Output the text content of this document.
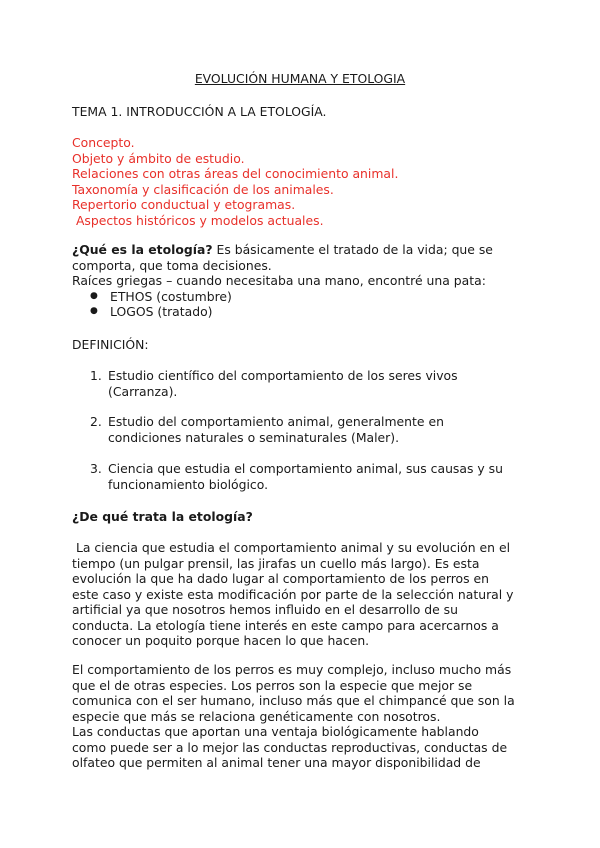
EVOLUCIÓN HUMANA Y ETOLOGIA

TEMA 1. INTRODUCCIÓN A LA ETOLOGÍA.

Concepto.
Objeto y ámbito de estudio.
Relaciones con otras áreas del conocimiento animal.
Taxonomía y clasificación de los animales.
Repertorio conductual y etogramas.
Aspectos históricos y modelos actuales.
¿Qué es la etología? Es básicamente el tratado de la vida; que se
comporta, que toma decisiones.
Raíces griegas – cuando necesitaba una mano, encontré una pata:
● ETHOS (costumbre)
● LOGOS (tratado)

DEFINICIÓN:

1. Estudio científico del comportamiento de los seres vivos
(Carranza).

2. Estudio del comportamiento animal, generalmente en
condiciones naturales o seminaturales (Maler).

3. Ciencia que estudia el comportamiento animal, sus causas y su
funcionamiento biológico.

¿De qué trata la etología?

La ciencia que estudia el comportamiento animal y su evolución en el
tiempo (un pulgar prensil, las jirafas un cuello más largo). Es esta
evolución la que ha dado lugar al comportamiento de los perros en
este caso y existe esta modificación por parte de la selección natural y
artificial ya que nosotros hemos influido en el desarrollo de su
conducta. La etología tiene interés en este campo para acercarnos a
conocer un poquito porque hacen lo que hacen.
El comportamiento de los perros es muy complejo, incluso mucho más
que el de otras especies. Los perros son la especie que mejor se
comunica con el ser humano, incluso más que el chimpancé que son la
especie que más se relaciona genéticamente con nosotros.
Las conductas que aportan una ventaja biológicamente hablando
como puede ser a lo mejor las conductas reproductivas, conductas de
olfateo que permiten al animal tener una mayor disponibilidad de
